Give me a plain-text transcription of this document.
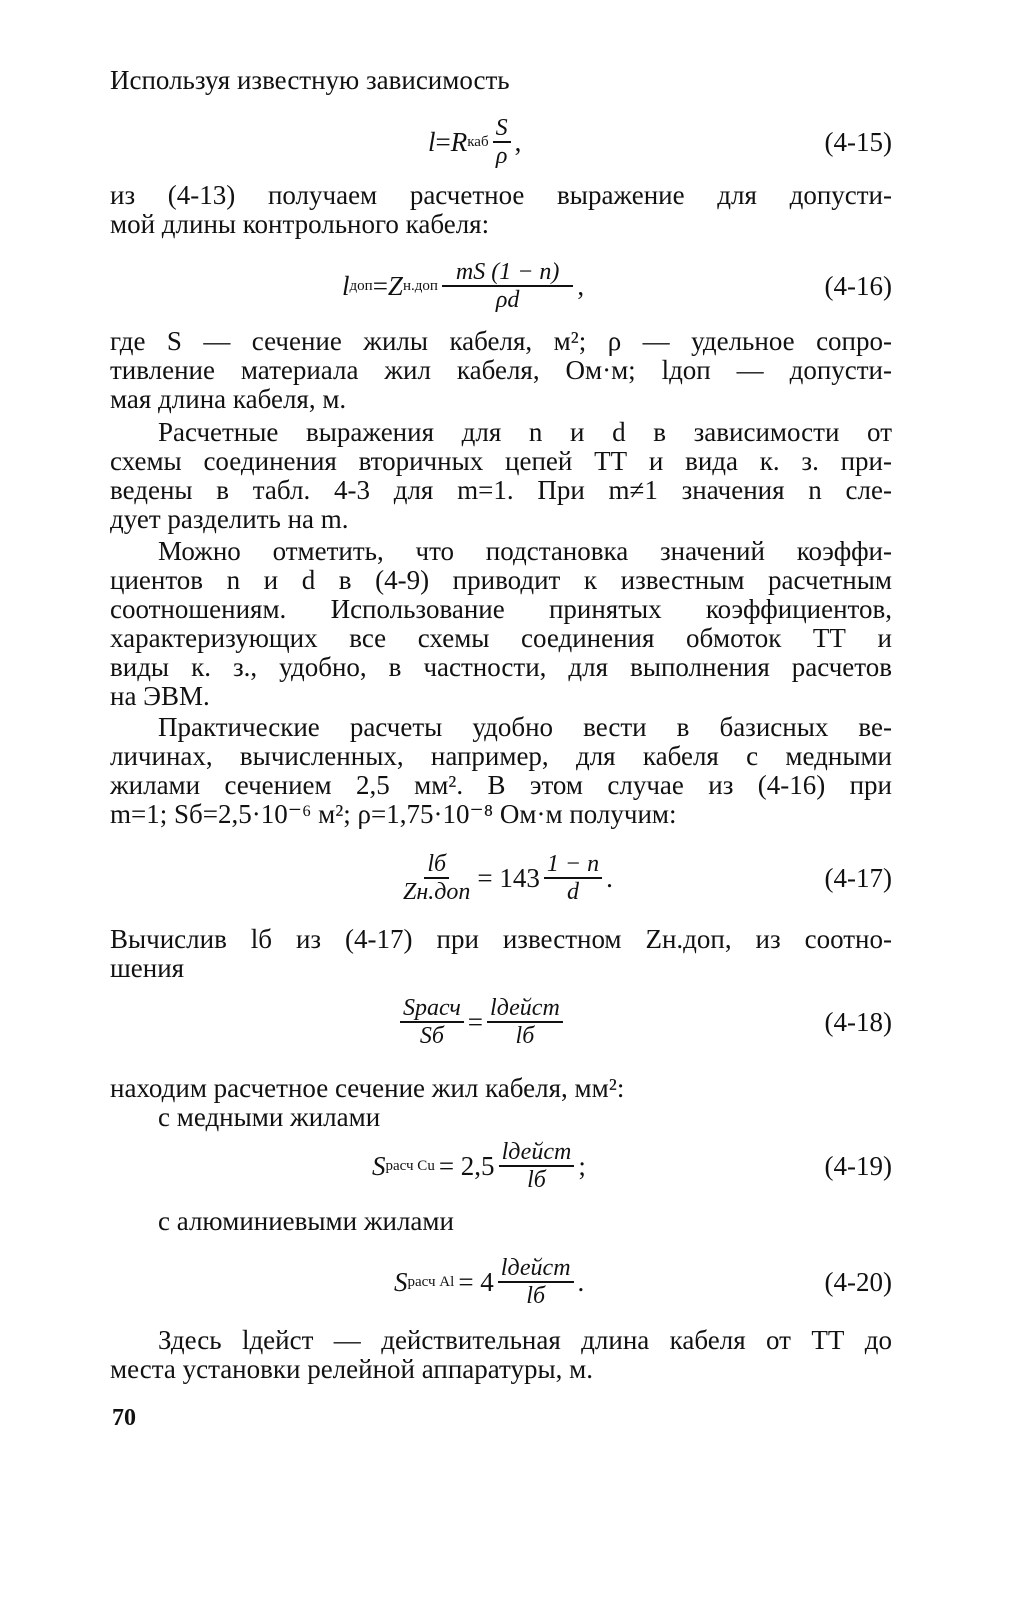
Используя известную зависимость
l = R каб $\frac{S}{\rho}$ ,	(4-15)
из (4-13) получаем расчетное выражение для допусти-
мой длины контрольного кабеля:
l доп = Z $н.доп \frac{mS (1 - n)}{\rho d}$ ,	(4-16)
где S — сечение жилы кабеля, м²; ρ — удельное сопро-
тивление материала жил кабеля, Ом·м; lдоп — допусти-
мая длина кабеля, м.
Расчетные выражения для n и d в зависимости от
схемы соединения вторичных цепей ТТ и вида к. з. при-
ведены в табл. 4-3 для m=1. При m≠1 значения n сле-
дует разделить на m.
Можно отметить, что подстановка значений коэффи-
циентов n и d в (4-9) приводит к известным расчетным
соотношениям. Использование принятых коэффициентов,
характеризующих все схемы соединения обмоток ТТ и
виды к. з., удобно, в частности, для выполнения расчетов
на ЭВМ.
Практические расчеты удобно вести в базисных ве-
личинах, вычисленных, например, для кабеля с медными
жилами сечением 2,5 мм². В этом случае из (4-16) при
m=1; Sб=2,5·10⁻⁶ м²; ρ=1,75·10⁻⁸ Ом·м получим:
$\frac{lб}{\text{Zн.доп}} = 143 \frac{1 - n}{d}$ .	(4-17)
Вычислив lб из (4-17) при известном Zн.доп, из соотно-
шения
$\frac{\text{Sрасч}}{Sб} = \frac{\text{lдейст}}{lб}$	(4-18)
находим расчетное сечение жил кабеля, мм²:
с медными жилами
S расч $Cu = 2,5 \frac{\text{lдейст}}{lб}$ ;	(4-19)
с алюминиевыми жилами
S расч $Al = 4 \frac{\text{lдейст}}{lб}$ .	(4-20)
Здесь lдейст — действительная длина кабеля от ТТ до
места установки релейной аппаратуры, м.
70
